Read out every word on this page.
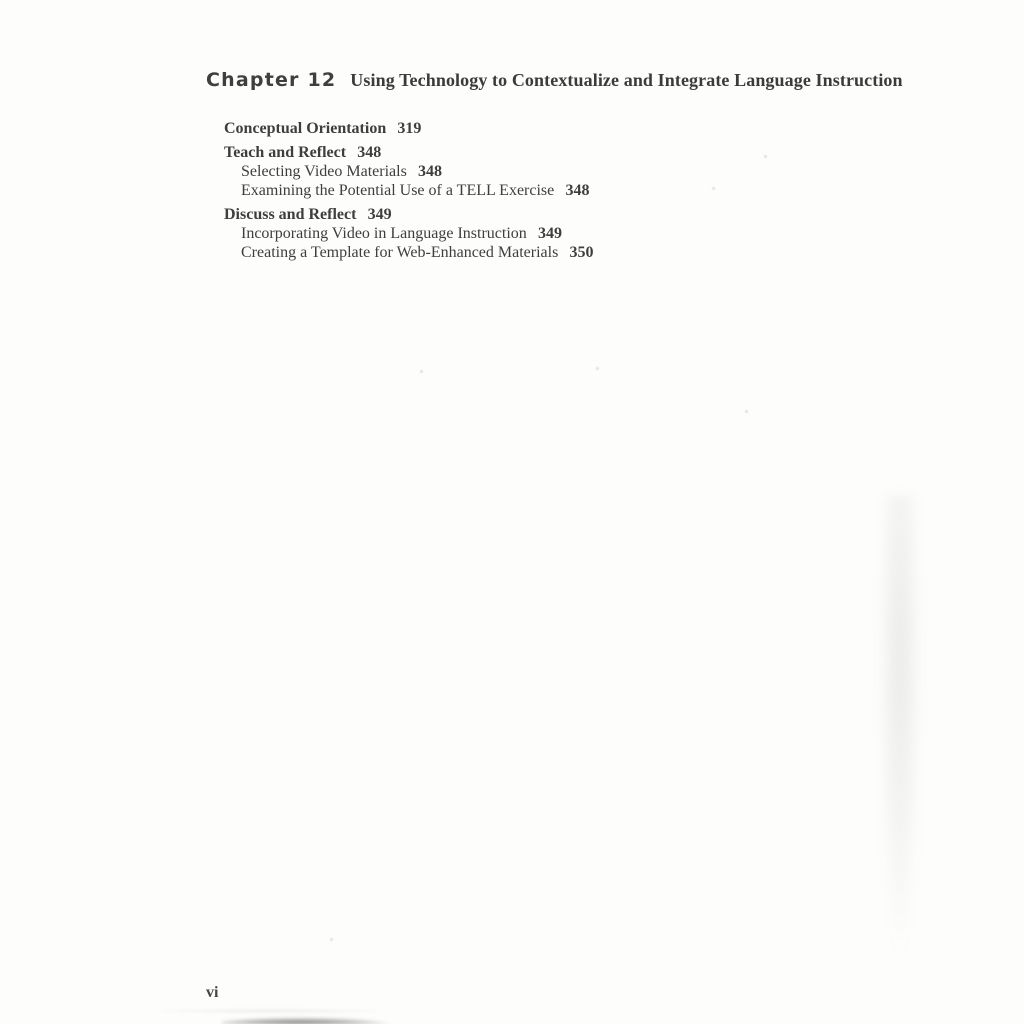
Chapter 12 Using Technology to Contextualize and Integrate Language Instruction
Conceptual Orientation 319
Teach and Reflect 348
Selecting Video Materials 348
Examining the Potential Use of a TELL Exercise 348
Discuss and Reflect 349
Incorporating Video in Language Instruction 349
Creating a Template for Web-Enhanced Materials 350
vi
